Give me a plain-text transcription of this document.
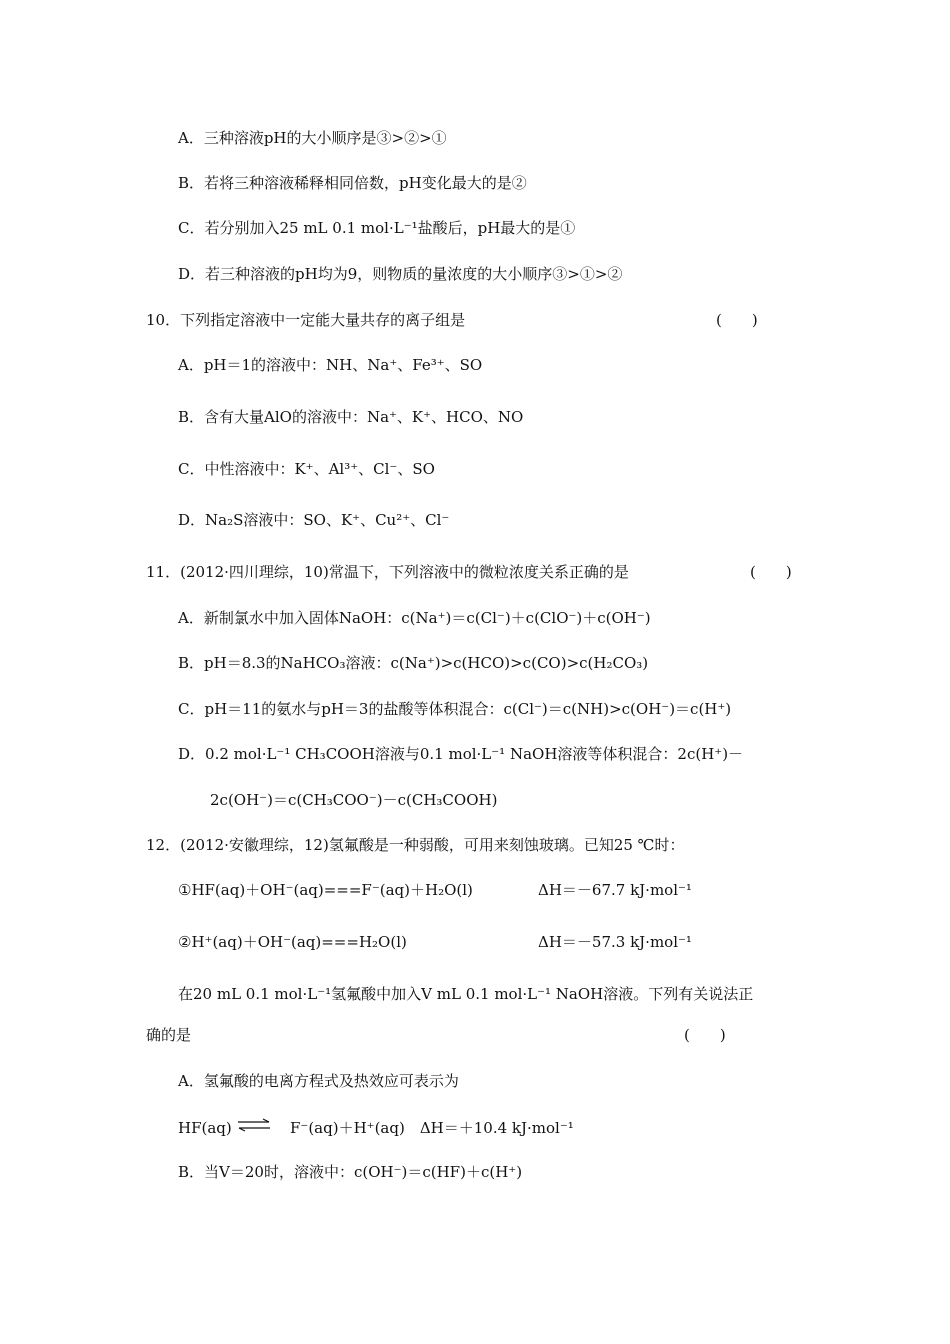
A．三种溶液pH的大小顺序是③>②>①
B．若将三种溶液稀释相同倍数，pH变化最大的是②
C．若分别加入25 mL 0.1 mol·L⁻¹盐酸后，pH最大的是①
D．若三种溶液的pH均为9，则物质的量浓度的大小顺序③>①>②
10．下列指定溶液中一定能大量共存的离子组是	(　　)
A．pH＝1的溶液中：NH、Na⁺、Fe³⁺、SO
B．含有大量AlO的溶液中：Na⁺、K⁺、HCO、NO
C．中性溶液中：K⁺、Al³⁺、Cl⁻、SO
D．Na₂S溶液中：SO、K⁺、Cu²⁺、Cl⁻
11．(2012·四川理综，10)常温下，下列溶液中的微粒浓度关系正确的是	(　　)
A．新制氯水中加入固体NaOH：c(Na⁺)＝c(Cl⁻)＋c(ClO⁻)＋c(OH⁻)
B．pH＝8.3的NaHCO₃溶液：c(Na⁺)>c(HCO)>c(CO)>c(H₂CO₃)
C．pH＝11的氨水与pH＝3的盐酸等体积混合：c(Cl⁻)＝c(NH)>c(OH⁻)＝c(H⁺)
D．0.2 mol·L⁻¹ CH₃COOH溶液与0.1 mol·L⁻¹ NaOH溶液等体积混合：2c(H⁺)－
2c(OH⁻)＝c(CH₃COO⁻)－c(CH₃COOH)
12．(2012·安徽理综，12)氢氟酸是一种弱酸，可用来刻蚀玻璃。已知25 ℃时：
①HF(aq)＋OH⁻(aq)===F⁻(aq)＋H₂O(l)	ΔH＝－67.7 kJ·mol⁻¹
②H⁺(aq)＋OH⁻(aq)===H₂O(l)	ΔH＝－57.3 kJ·mol⁻¹
在20 mL 0.1 mol·L⁻¹氢氟酸中加入V mL 0.1 mol·L⁻¹ NaOH溶液。下列有关说法正
确的是	(　　)
A．氢氟酸的电离方程式及热效应可表示为
HF(aq) ⇌ F⁻(aq)＋H⁺(aq)　ΔH＝＋10.4 kJ·mol⁻¹
B．当V＝20时，溶液中：c(OH⁻)＝c(HF)＋c(H⁺)
